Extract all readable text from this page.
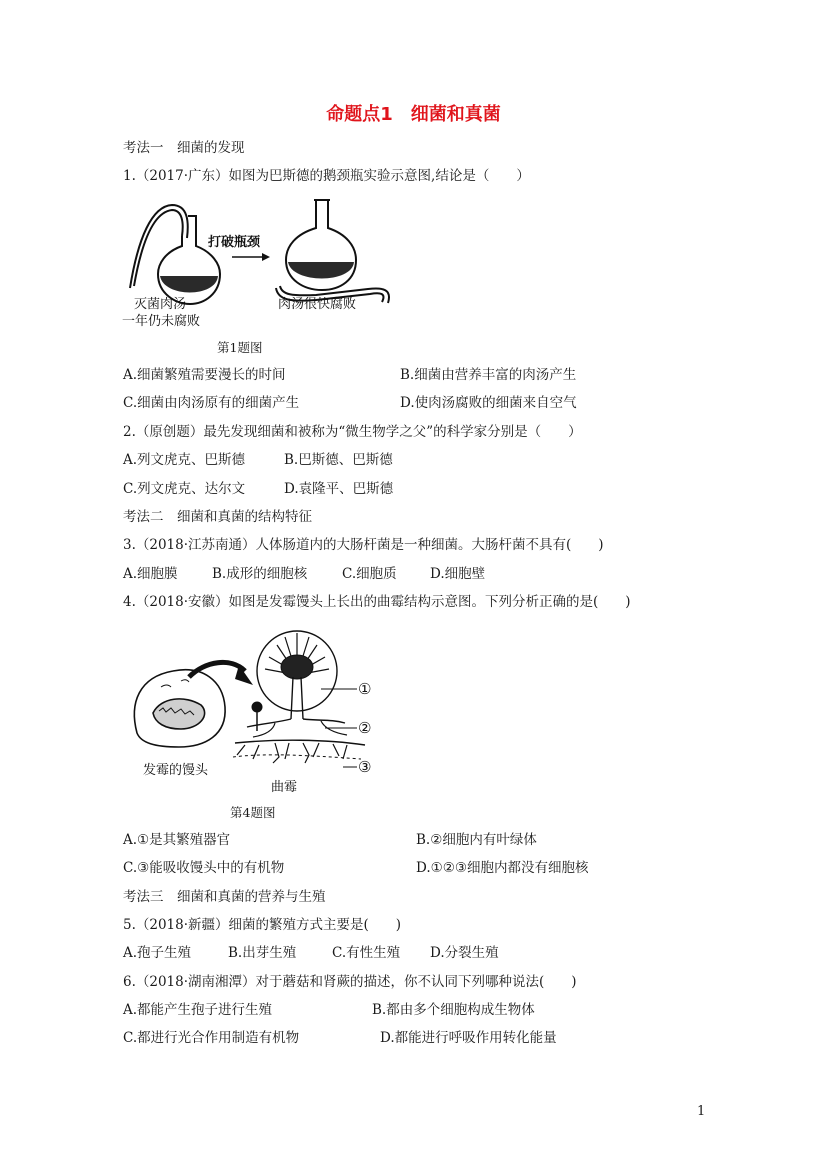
命题点1　细菌和真菌
考法一　细菌的发现
1.（2017·广东）如图为巴斯德的鹅颈瓶实验示意图,结论是（　　）
打破瓶颈
灭菌肉汤
一年仍未腐败
肉汤很快腐败
第1题图
A.细菌繁殖需要漫长的时间	B.细菌由营养丰富的肉汤产生
C.细菌由肉汤原有的细菌产生	D.使肉汤腐败的细菌来自空气
2.（原创题）最先发现细菌和被称为“微生物学之父”的科学家分别是（　　）
A.列文虎克、巴斯德	B.巴斯德、巴斯德
C.列文虎克、达尔文	D.袁隆平、巴斯德
考法二　细菌和真菌的结构特征
3.（2018·江苏南通）人体肠道内的大肠杆菌是一种细菌。大肠杆菌不具有(　　)
A.细胞膜	B.成形的细胞核	C.细胞质 D.细胞壁
4.（2018·安徽）如图是发霉馒头上长出的曲霉结构示意图。下列分析正确的是(　　)
①
②
③
发霉的馒头
曲霉
第4题图
A.①是其繁殖器官	B.②细胞内有叶绿体
C.③能吸收馒头中的有机物	D.①②③细胞内都没有细胞核
考法三　细菌和真菌的营养与生殖
5.（2018·新疆）细菌的繁殖方式主要是(　　)
A.孢子生殖	B.出芽生殖	C.有性生殖 D.分裂生殖
6.（2018·湖南湘潭）对于蘑菇和肾蕨的描述，你不认同下列哪种说法(　　)
A.都能产生孢子进行生殖	B.都由多个细胞构成生物体
C.都进行光合作用制造有机物	D.都能进行呼吸作用转化能量
1
